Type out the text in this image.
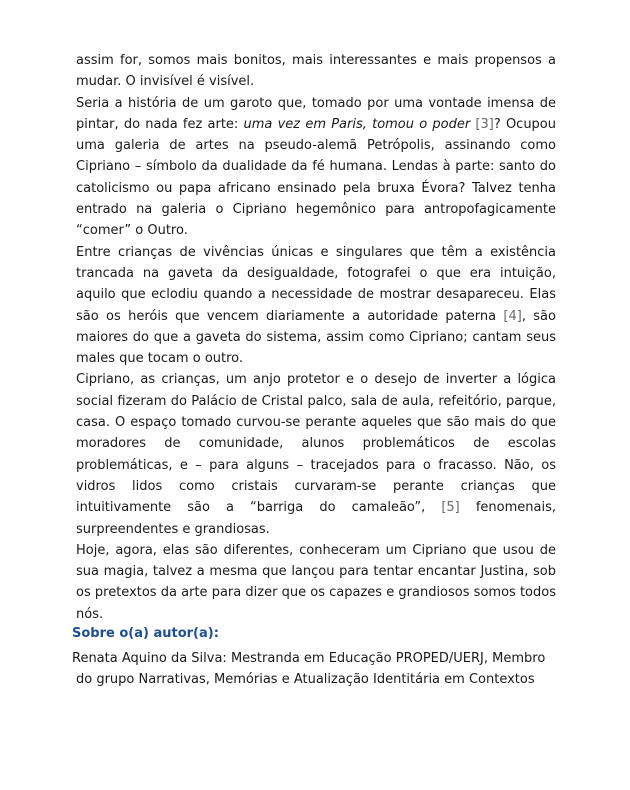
assim for, somos mais bonitos, mais interessantes e mais propensos a mudar. O invisível é visível.

Seria a história de um garoto que, tomado por uma vontade imensa de pintar, do nada fez arte: uma vez em Paris, tomou o poder [3]? Ocupou uma galeria de artes na pseudo-alemã Petrópolis, assinando como Cipriano – símbolo da dualidade da fé humana. Lendas à parte: santo do catolicismo ou papa africano ensinado pela bruxa Évora? Talvez tenha entrado na galeria o Cipriano hegemônico para antropofagicamente “comer” o Outro.

Entre crianças de vivências únicas e singulares que têm a existência trancada na gaveta da desigualdade, fotografei o que era intuição, aquilo que eclodiu quando a necessidade de mostrar desapareceu. Elas são os heróis que vencem diariamente a autoridade paterna [4], são maiores do que a gaveta do sistema, assim como Cipriano; cantam seus males que tocam o outro.

Cipriano, as crianças, um anjo protetor e o desejo de inverter a lógica social fizeram do Palácio de Cristal palco, sala de aula, refeitório, parque, casa. O espaço tomado curvou-se perante aqueles que são mais do que moradores de comunidade, alunos problemáticos de escolas problemáticas, e – para alguns – tracejados para o fracasso. Não, os vidros lidos como cristais curvaram-se perante crianças que intuitivamente são a “barriga do camaleão”, [5] fenomenais, surpreendentes e grandiosas.

Hoje, agora, elas são diferentes, conheceram um Cipriano que usou de sua magia, talvez a mesma que lançou para tentar encantar Justina, sob os pretextos da arte para dizer que os capazes e grandiosos somos todos nós.

Sobre o(a) autor(a):
Renata Aquino da Silva: Mestranda em Educação PROPED/UERJ, Membro
do grupo Narrativas, Memórias e Atualização Identitária em Contextos
